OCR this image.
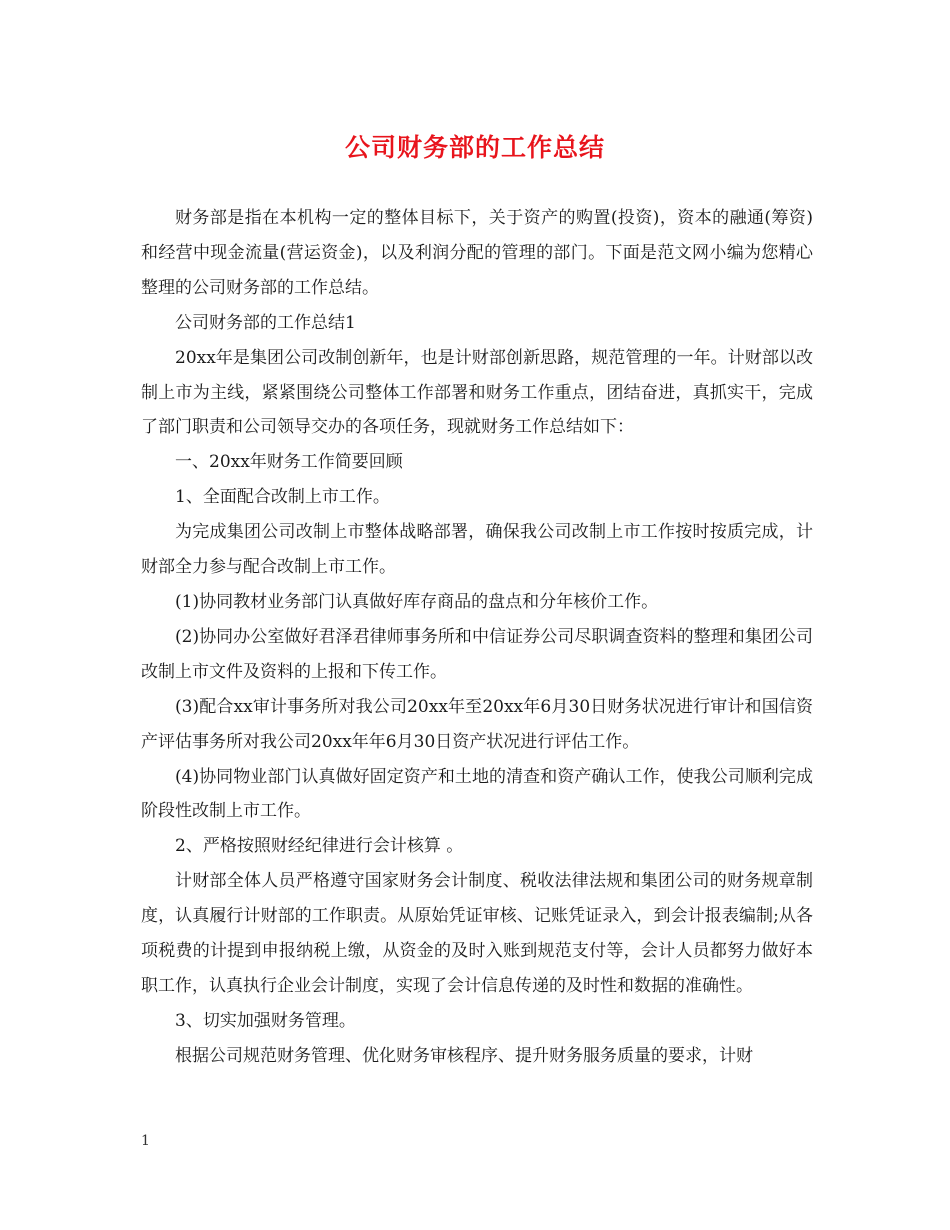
公司财务部的工作总结

财务部是指在本机构一定的整体目标下，关于资产的购置(投资)，资本的融通(筹资)和经营中现金流量(营运资金)，以及利润分配的管理的部门。下面是范文网小编为您精心整理的公司财务部的工作总结。

公司财务部的工作总结1

20xx年是集团公司改制创新年，也是计财部创新思路，规范管理的一年。计财部以改制上市为主线，紧紧围绕公司整体工作部署和财务工作重点，团结奋进，真抓实干，完成了部门职责和公司领导交办的各项任务，现就财务工作总结如下：

一、20xx年财务工作简要回顾

1、全面配合改制上市工作。

为完成集团公司改制上市整体战略部署，确保我公司改制上市工作按时按质完成，计财部全力参与配合改制上市工作。

(1)协同教材业务部门认真做好库存商品的盘点和分年核价工作。

(2)协同办公室做好君泽君律师事务所和中信证券公司尽职调查资料的整理和集团公司改制上市文件及资料的上报和下传工作。

(3)配合xx审计事务所对我公司20xx年至20xx年6月30日财务状况进行审计和国信资产评估事务所对我公司20xx年年6月30日资产状况进行评估工作。

(4)协同物业部门认真做好固定资产和土地的清查和资产确认工作，使我公司顺利完成阶段性改制上市工作。

2、严格按照财经纪律进行会计核算 。

计财部全体人员严格遵守国家财务会计制度、税收法律法规和集团公司的财务规章制度，认真履行计财部的工作职责。从原始凭证审核、记账凭证录入，到会计报表编制;从各项税费的计提到申报纳税上缴，从资金的及时入账到规范支付等，会计人员都努力做好本职工作，认真执行企业会计制度，实现了会计信息传递的及时性和数据的准确性。

3、切实加强财务管理。

根据公司规范财务管理、优化财务审核程序、提升财务服务质量的要求，计财

1
